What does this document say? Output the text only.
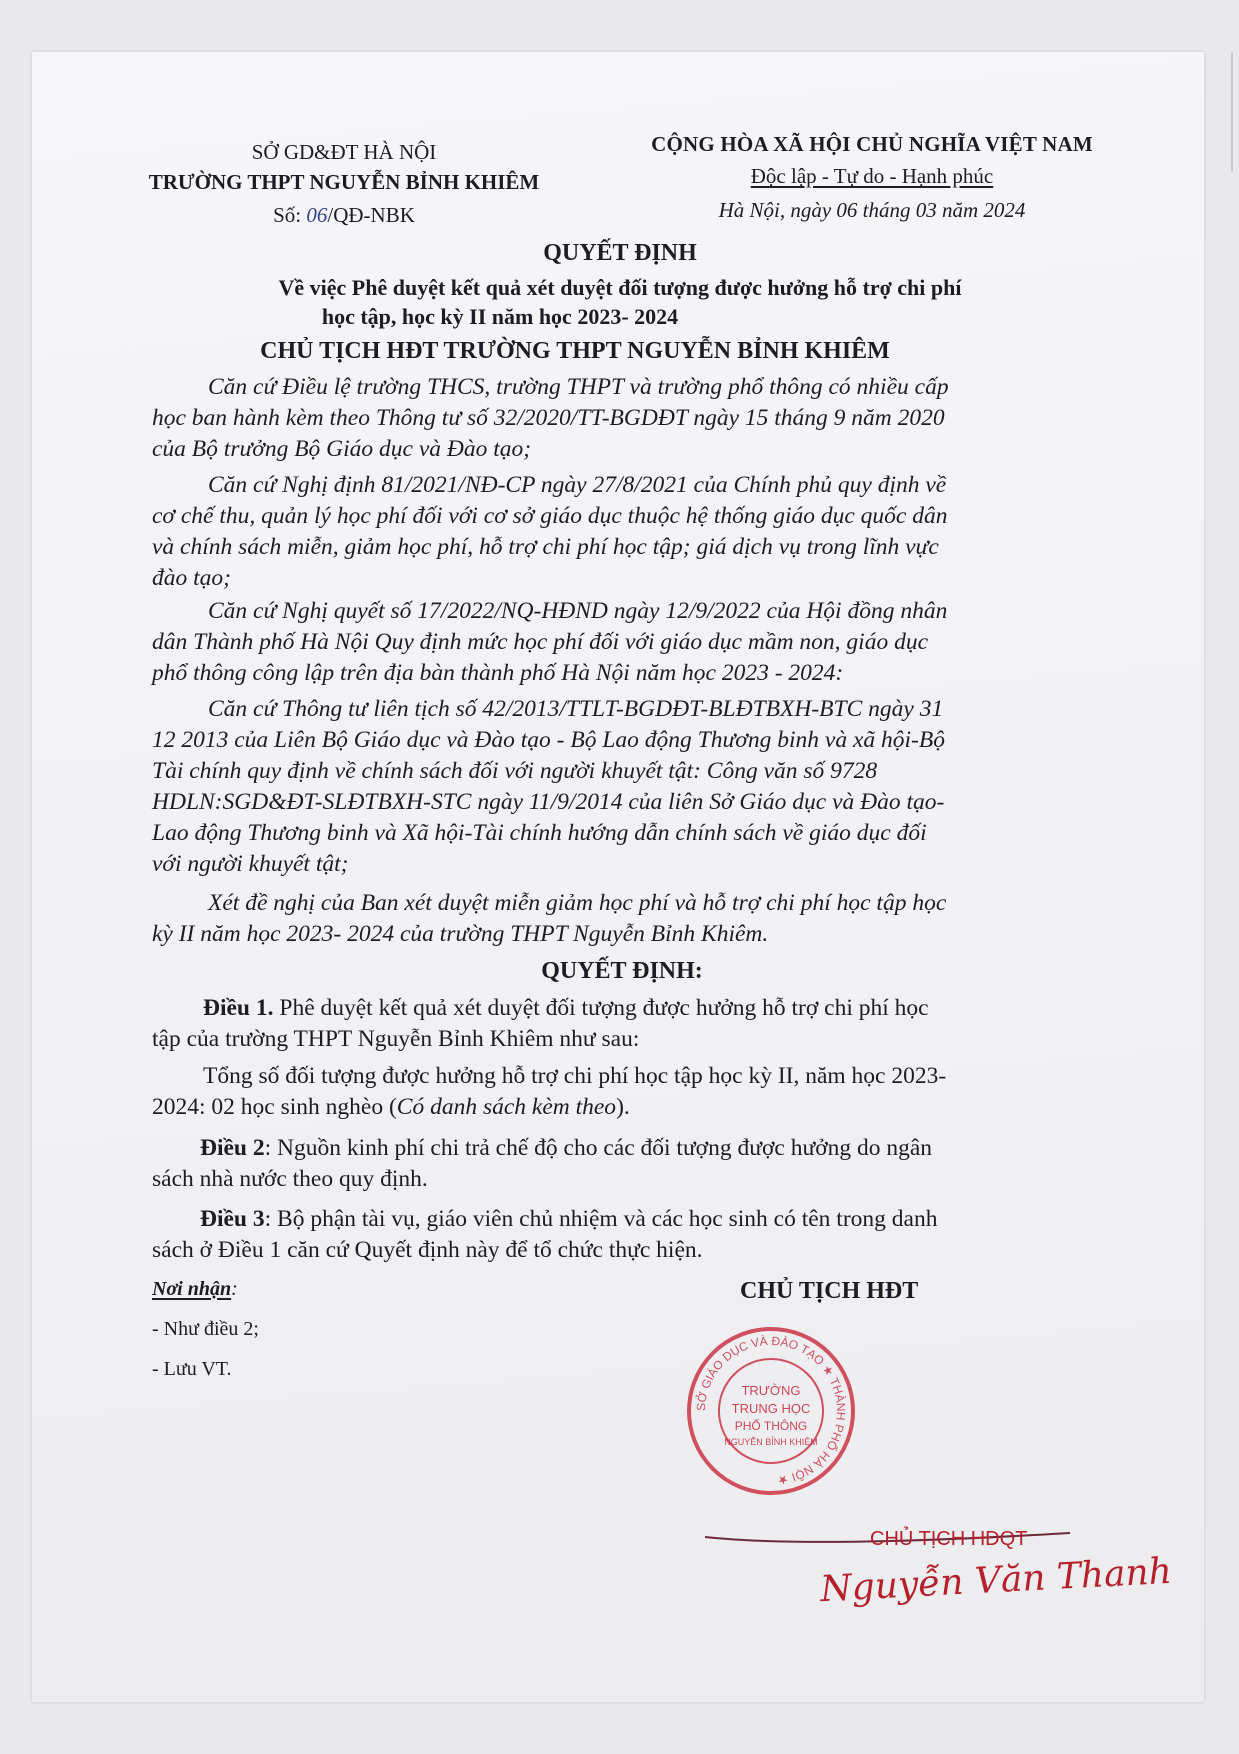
SỞ GD&ĐT HÀ NỘI
TRƯỜNG THPT NGUYỄN BỈNH KHIÊM
Số: 06/QĐ-NBK
CỘNG HÒA XÃ HỘI CHỦ NGHĨA VIỆT NAM
Độc lập - Tự do - Hạnh phúc
Hà Nội, ngày 06 tháng 03 năm 2024
QUYẾT ĐỊNH
Về việc Phê duyệt kết quả xét duyệt đối tượng được hưởng hỗ trợ chi phí
học tập, học kỳ II năm học 2023- 2024
CHỦ TỊCH HĐT TRƯỜNG THPT NGUYỄN BỈNH KHIÊM
Căn cứ Điều lệ trường THCS, trường THPT và trường phổ thông có nhiều cấp
học ban hành kèm theo Thông tư số 32/2020/TT-BGDĐT ngày 15 tháng 9 năm 2020
của Bộ trưởng Bộ Giáo dục và Đào tạo;
Căn cứ Nghị định 81/2021/NĐ-CP ngày 27/8/2021 của Chính phủ quy định về
cơ chế thu, quản lý học phí đối với cơ sở giáo dục thuộc hệ thống giáo dục quốc dân
và chính sách miễn, giảm học phí, hỗ trợ chi phí học tập; giá dịch vụ trong lĩnh vực
đào tạo;
Căn cứ Nghị quyết số 17/2022/NQ-HĐND ngày 12/9/2022 của Hội đồng nhân
dân Thành phố Hà Nội Quy định mức học phí đối với giáo dục mầm non, giáo dục
phổ thông công lập trên địa bàn thành phố Hà Nội năm học 2023 - 2024:
Căn cứ Thông tư liên tịch số 42/2013/TTLT-BGDĐT-BLĐTBXH-BTC ngày 31
12 2013 của Liên Bộ Giáo dục và Đào tạo - Bộ Lao động Thương binh và xã hội-Bộ
Tài chính quy định về chính sách đối với người khuyết tật: Công văn số 9728
HDLN:SGD&ĐT-SLĐTBXH-STC ngày 11/9/2014 của liên Sở Giáo dục và Đào tạo-
Lao động Thương binh và Xã hội-Tài chính hướng dẫn chính sách về giáo dục đối
với người khuyết tật;
Xét đề nghị của Ban xét duyệt miễn giảm học phí và hỗ trợ chi phí học tập học
kỳ II năm học 2023- 2024 của trường THPT Nguyễn Bỉnh Khiêm.
QUYẾT ĐỊNH:
Điều 1. Phê duyệt kết quả xét duyệt đối tượng được hưởng hỗ trợ chi phí học
tập của trường THPT Nguyễn Bỉnh Khiêm như sau:
Tổng số đối tượng được hưởng hỗ trợ chi phí học tập học kỳ II, năm học 2023-
2024: 02 học sinh nghèo (Có danh sách kèm theo).
Điều 2: Nguồn kinh phí chi trả chế độ cho các đối tượng được hưởng do ngân
sách nhà nước theo quy định.
Điều 3: Bộ phận tài vụ, giáo viên chủ nhiệm và các học sinh có tên trong danh
sách ở Điều 1 căn cứ Quyết định này để tổ chức thực hiện.
Nơi nhận:
- Như điều 2;
- Lưu VT.
SỞ GIÁO DỤC VÀ ĐÀO TẠO ★ THÀNH PHỐ HÀ NỘI ★
TRƯỜNG
TRUNG HỌC
PHỔ THÔNG
NGUYỄN BỈNH KHIÊM
CHỦ TỊCH HĐT
CHỦ TỊCH HĐQT
Nguyễn Văn Thanh
